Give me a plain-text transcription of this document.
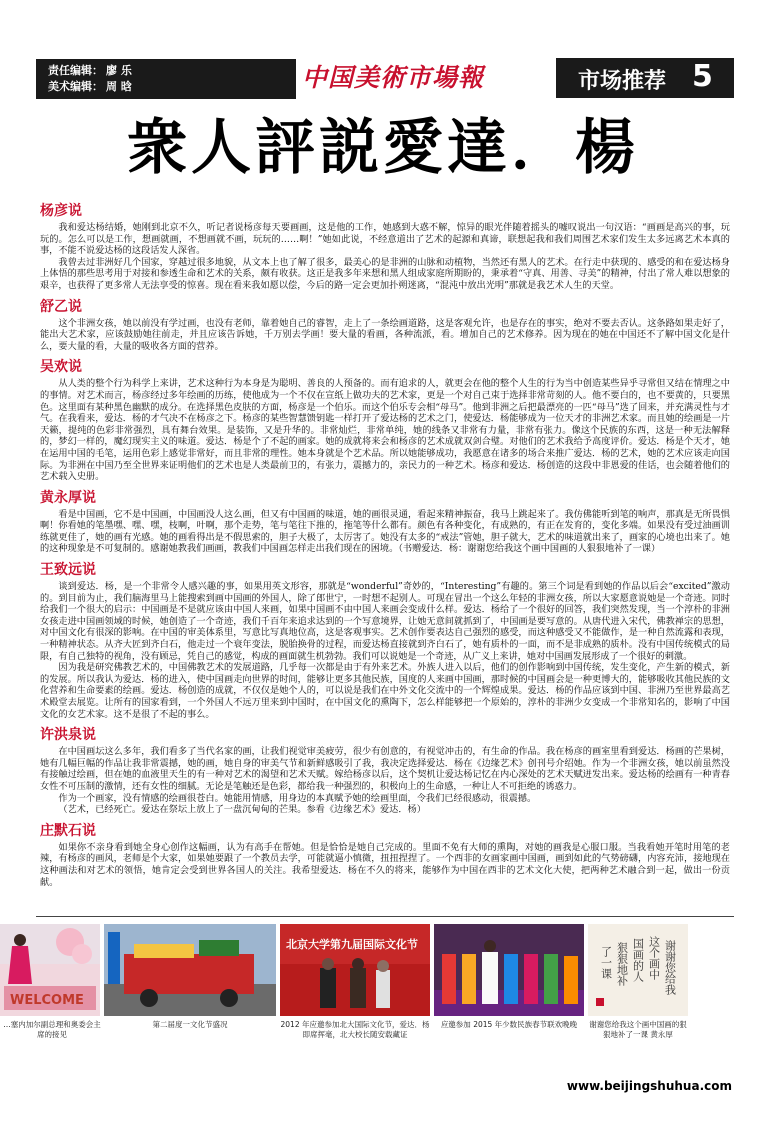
责任编辑： 廖 乐
美术编辑： 周 晗	中国美術市場報	市场推荐 5
衆人評説愛達．楊
杨彦说

我和爱达杨结婚，她刚到北京不久，听记者说杨彦每天要画画，这是他的工作，她感到大惑不解，惊异的眼光伴随着摇头的嘘叹说出一句汉语：“画画是高兴的事，玩玩的。怎么可以是工作，想画就画，不想画就不画，玩玩的……啊！”她如此说，不经意道出了艺术的起源和真谛，联想起我和我们周围艺术家们发生太多远离艺术本真的事，不能不说爱达杨的这段话发人深省。

我曾去过非洲好几个国家，穿越过很多地貌，从文本上也了解了很多，最美心的是非洲的山脉和动植物，当然还有黑人的艺术。在行走中获现的、感受的和在爱达杨身上体悟的那些思考用于对接和参透生命和艺术的关系，颇有收获。这正是我多年来想和黑人组成家庭所期盼的，秉承着“守真、用善、寻美”的精神，付出了常人难以想象的艰辛，也获得了更多常人无法享受的惊喜。现在看来我如愿以偿，今后的路一定会更加扑朔迷离，“混沌中放出光明”那就是我艺术人生的天堂。

舒乙说

这个非洲女孩，她以前没有学过画，也没有老师，靠着她自己的睿智，走上了一条绘画道路，这是客观允许，也是存在的事实，绝对不要去否认。这条路如果走好了，能出大艺术家，应该鼓励她往前走，并且应该告诉她，千万别去学画！要大量的看画，各种流派，看。增加自己的艺术修养。因为现在的她在中国还不了解中国文化是什么，要大量的看，大量的吸收各方面的营养。

吴欢说

从人类的整个行为科学上来讲，艺术这种行为本身是为聪明、善良的人预备的。而有追求的人，就更会在他的整个人生的行为当中创造某些异乎寻常但又结在情理之中的事情。对艺术而言，杨彦经过多年绘画的历练，使他成为一个不仅在宣纸上做功夫的艺术家，更是一个对自己束于选择非常苛刻的人。他不要白的，也不要黄的，只要黑色。这里面有某种黑色幽默的成分。在选择黑色皮肤的方面，杨彦是一个伯乐。而这个伯乐专会相“母马”。他到非洲之后把最漂亮的一匹“母马”选了回来，并充满灵性与才气。在我看来，爱达．杨的才气决不在杨彦之下。杨彦的某些智慧馈钥匙一样打开了爱达杨的艺术之门，使爱达．杨能够成为一位天才的非洲艺术家。而且她的绘画是一片天籁，提纯的色彩非常强烈，具有舞台效果。是装饰，又是升华的。非常灿烂，非常单纯，她的线条又非常有力量，非常有张力。像这个民族的东西，这是一种无法解释的，梦幻一样的，魔幻现实主义的味道。爱达．杨是个了不起的画家。她的成就将来会和杨彦的艺术成就双剑合璧。对他们的艺术我给予高度评价。爱达．杨是个天才，她在运用中国的毛笔，运用色彩上感觉非常好，而且非常的理性。她本身就是个艺术品。所以她能够成功，我愿意在诸多的场合来推广爱达．杨的艺术，她的艺术应该走向国际。为非洲在中国乃至全世界来证明他们的艺术也是人类最前卫的，有张力，震撼力的，亲民力的一种艺术。杨彦和爱达．杨创造的这段中非恩爱的佳话，也会随着他们的艺术载入史册。

黄永厚说

看是中国画，它不是中国画，中国画没人这么画，但又有中国画的味道，她的画很灵通，看起来精神振奋，我马上跳起来了。我仿佛能听到笔的响声，那真是无所畏惧啊！你看她的笔墨嘿、嘿、嘿，枝啊，叶啊，那个走势，笔与笔往下推的，拖笔等什么都有。颜色有各种变化，有成熟的，有正在发育的，变化多端。如果没有受过油画训练就更佳了，她的画有光感。她的画看得出是不假思索的，胆子大极了，太厉害了。她没有太多的“戒法”管她，胆子就大，艺术的味道就出来了，画家的心境也出来了。她的这种现象是不可复制的。感谢她教我们画画，教我们中国画怎样走出我们现在的困境。（书赠爱达．杨：谢谢您给我这个画中国画的人狠狠地补了一课）

王致远说

谈到爱达．杨，是一个非常令人感兴趣的事，如果用英文形容，那就是“wonderful”奇妙的，“Interesting”有趣的。第三个词是看到她的作品以后会“excited”激动的。到目前为止，我们脑海里马上能搜索到画中国画的外国人，除了郎世宁，一时想不起别人。可现在冒出一个这么年轻的非洲女孩，所以大家愿意说她是一个奇迹。同时给我们一个很大的启示：中国画是不是就应该由中国人来画，如果中国画不由中国人来画会变成什么样。爱达．杨给了一个很好的回答，我们突然发现，当一个淳朴的非洲女孩走进中国画领域的时候，她创造了一个奇迹，我们千百年来追求达到的一个写意境界，让她无意间就抓到了，中国画是要写意的。从唐代进入宋代，佛教禅宗的思想，对中国文化有很深的影响。在中国的审美体系里，写意比写真地位高，这是客观事实。艺术创作要表达自己强烈的感受，而这种感受又不能做作，是一种自然流露和表现，一种精神状态。从齐大匠到齐白石，他走过一个衰年变法，脱胎换骨的过程，而爱达杨直接就到齐白石了，她有质朴的一面，而不是非成熟的质朴。没有中国传统模式的局限，有自己独特的视角，没有顾忌，凭自己的感觉，构成的画面就生机勃勃。我们可以说她是一个奇迹，从广义上来讲，她对中国画发展形成了一个很好的刺激。

因为我是研究佛教艺术的，中国佛教艺术的发展道路，几乎每一次都是由于有外来艺术。外族人进入以后，他们的创作影响到中国传统，发生变化，产生新的模式，新的发展。所以我认为爱达．杨的进入，使中国画走向世界的时间，能够让更多其他民族，国度的人来画中国画，那时候的中国画会是一种更博大的，能够吸收其他民族的文化营养和生命要素的绘画。爱达．杨创造的成就，不仅仅是她个人的，可以说是我们在中外文化交流中的一个辉煌成果。爱达．杨的作品应该到中国、非洲乃至世界最高艺术殿堂去展览。让所有的国家看到，一个外国人不远万里来到中国时，在中国文化的熏陶下，怎么样能够把一个原始的，淳朴的非洲少女变成一个非常知名的，影响了中国文化的女艺术家。这不是很了不起的事么。

许洪泉说

在中国画坛这么多年，我们看多了当代名家的画，让我们视觉审美疲劳，很少有创意的，有视觉冲击的，有生命的作品。我在杨彦的画室里看到爱达．杨画的芒果树，她有几幅巨幅的作品让我非常震撼，她的画，她自身的审美气节和新鲜感吸引了我，我决定选择爱达．杨在《边缘艺术》创刊号介绍她。作为一个非洲女孩，她以前虽然没有接触过绘画，但在她的血液里天生的有一种对艺术的渴望和艺术天赋。嫁给杨彦以后，这个契机让爱达杨记忆在内心深处的艺术天赋迸发出来。爱达杨的绘画有一种青春女性不可压制的激情，还有女性的细腻。无论是笔触还是色彩，都给我一种强烈的，积极向上的生命感，一种让人不可拒绝的诱惑力。

作为一个画家，没有情感的绘画很苍白。她能用情感，用身边的本真赋予她的绘画里面，令我们已经很感动，很震撼。

（艺术，已经死亡。爱达在祭坛上放上了一盘沉甸甸的芒果。参看《边缘艺术》爱达．杨）

庄默石说

如果你不亲身看到她全身心创作这幅画，认为有高手在帮她。但是恰恰是她自己完成的。里面不免有大师的熏陶，对她的画我是心服口服。当我看她开笔时用笔的老辣，有杨彦的画风，老师是个大家，如果她要跟了一个教员去学，可能就逼小慎微，扭扭捏捏了。一个西非的女画家画中国画，画到如此的气势磅礴，内容充沛，接地现在这种画法和对艺术的领悟，她肯定会受到世界各国人的关注。我希望爱达．杨在不久的将来，能够作为中国在西非的艺术文化大使，把两种艺术融合到一起，做出一份贡献。

WELCOME
北京大学第九届国际文化节	谢谢您给我
这个画中
国画的人
狠狠地补
了一课
…塞内加尔副总理和奥委会主席的接见
第二届度一文化节盛况	2012 年应邀参加北大国际文化节，爱达．杨即席挥毫，北大校长随安载藏证
应邀参加 2015 年少数民族春节联欢晚晚	谢谢您给我这个画中国画的狠狠地补了一课 黄永厚
www.beijingshuhua.com
